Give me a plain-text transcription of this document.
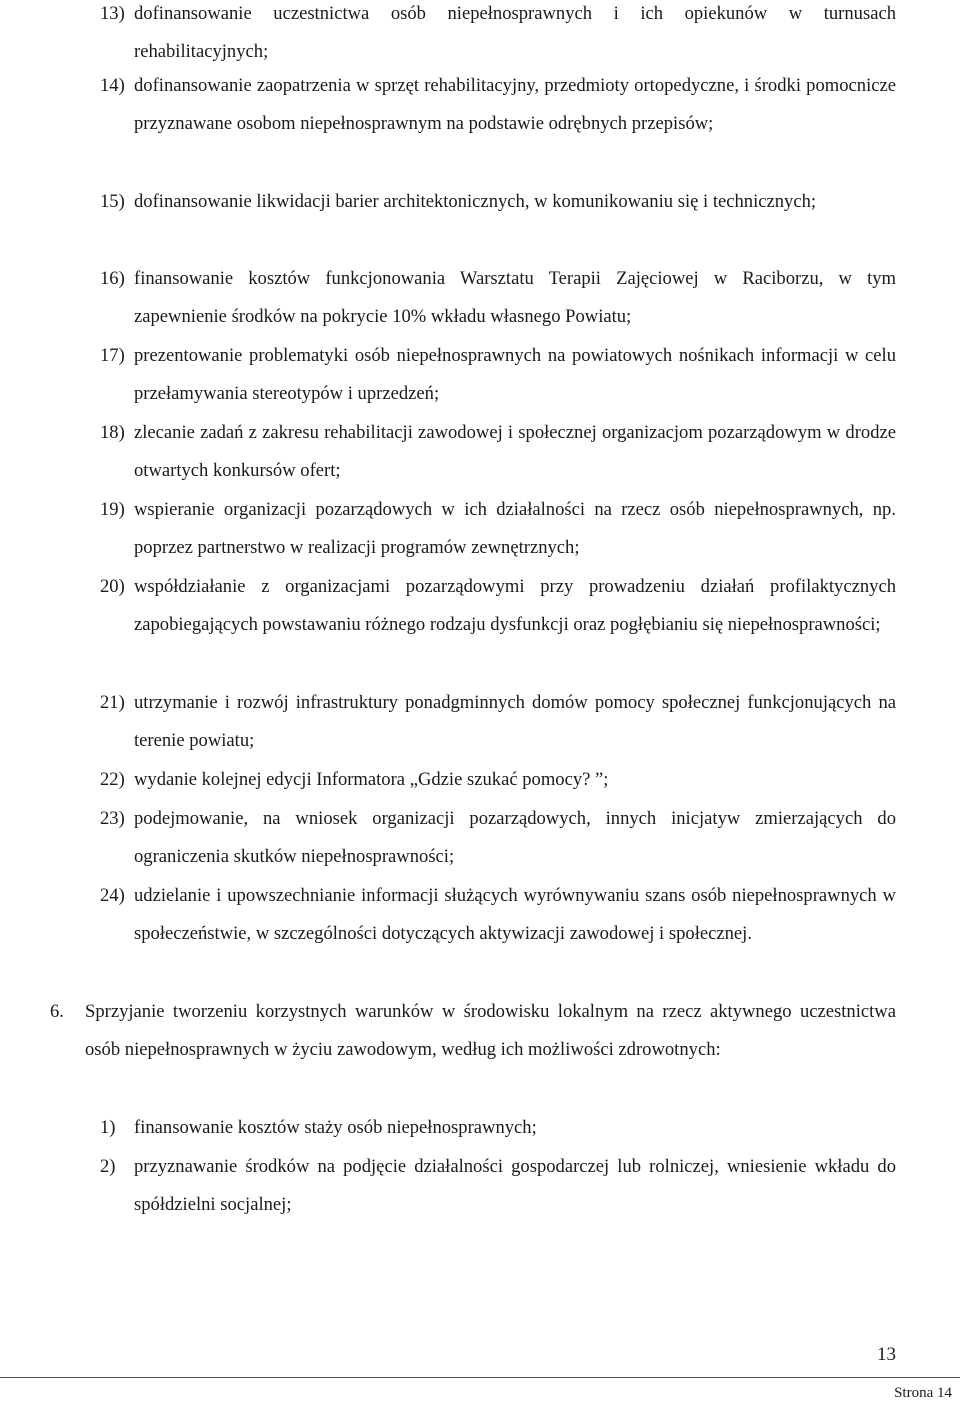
13) dofinansowanie uczestnictwa osób niepełnosprawnych i ich opiekunów w turnusach rehabilitacyjnych;
14) dofinansowanie zaopatrzenia w sprzęt rehabilitacyjny, przedmioty ortopedyczne, i środki pomocnicze przyznawane osobom niepełnosprawnym na podstawie odrębnych przepisów;
15) dofinansowanie likwidacji barier architektonicznych, w komunikowaniu się i technicznych;
16) finansowanie kosztów funkcjonowania Warsztatu Terapii Zajęciowej w Raciborzu, w tym zapewnienie środków na pokrycie 10% wkładu własnego Powiatu;
17) prezentowanie problematyki osób niepełnosprawnych na powiatowych nośnikach informacji w celu przełamywania stereotypów i uprzedzeń;
18) zlecanie zadań z zakresu rehabilitacji zawodowej i społecznej organizacjom pozarządowym w drodze otwartych konkursów ofert;
19) wspieranie organizacji pozarządowych w ich działalności na rzecz osób niepełnosprawnych, np. poprzez partnerstwo w realizacji programów zewnętrznych;
20) współdziałanie z organizacjami pozarządowymi przy prowadzeniu działań profilaktycznych zapobiegających powstawaniu różnego rodzaju dysfunkcji oraz pogłębianiu się niepełnosprawności;
21) utrzymanie i rozwój infrastruktury ponadgminnych domów pomocy społecznej funkcjonujących na terenie powiatu;
22) wydanie kolejnej edycji Informatora „Gdzie szukać pomocy? ”;
23) podejmowanie, na wniosek organizacji pozarządowych, innych inicjatyw zmierzających do ograniczenia skutków niepełnosprawności;
24) udzielanie i upowszechnianie informacji służących wyrównywaniu szans osób niepełnosprawnych w społeczeństwie, w szczególności dotyczących aktywizacji zawodowej i społecznej.
6. Sprzyjanie tworzeniu korzystnych warunków w środowisku lokalnym na rzecz aktywnego uczestnictwa osób niepełnosprawnych w życiu zawodowym, według ich możliwości zdrowotnych:
1) finansowanie kosztów staży osób niepełnosprawnych;
2) przyznawanie środków na podjęcie działalności gospodarczej lub rolniczej, wniesienie wkładu do spółdzielni socjalnej;
13
Strona 14
